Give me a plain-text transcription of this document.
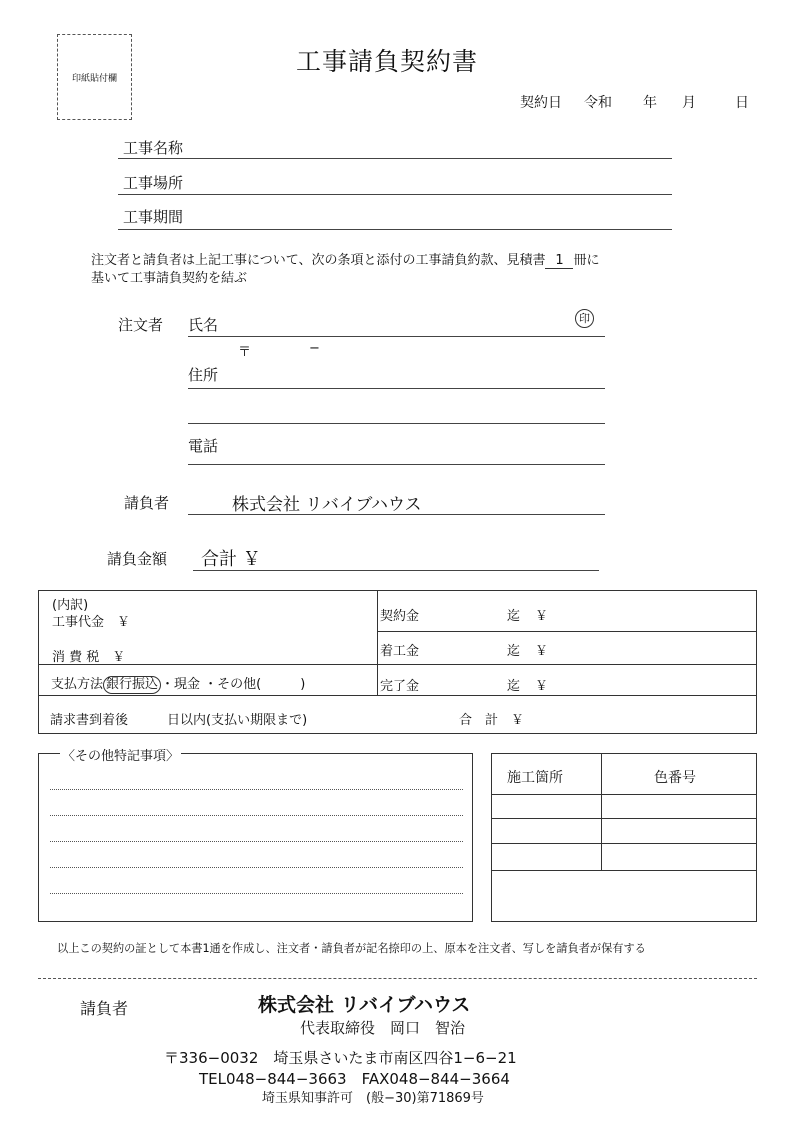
印紙貼付欄
工事請負契約書
契約日 令和 年 月	日
工事名称
工事場所
工事期間
注文者と請負者は上記工事について、次の条項と添付の工事請負約款、見積書 1 冊に
基いて工事請負契約を結ぶ
注文者 氏名	印
〒	−
住所
電話
請負者	株式会社 リバイブハウス
請負金額 合計 ￥
(内訳)
工事代金　￥
消 費 税　￥
支払方法 銀行振込 ・現金 ・その他(　　　)
契約金	迄 ￥
着工金	迄 ￥
完了金	迄 ￥
請求書到着後　　　日以内(支払い期限まで)	合　計　￥
〈その他特記事項〉
施工箇所	色番号
以上この契約の証として本書1通を作成し、注文者・請負者が記名捺印の上、原本を注文者、写しを請負者が保有する
請負者	株式会社 リバイブハウス
代表取締役　岡口　智治
〒336−0032　埼玉県さいたま市南区四谷1−6−21
TEL048−844−3663　FAX048−844−3664
埼玉県知事許可　(般−30)第71869号
